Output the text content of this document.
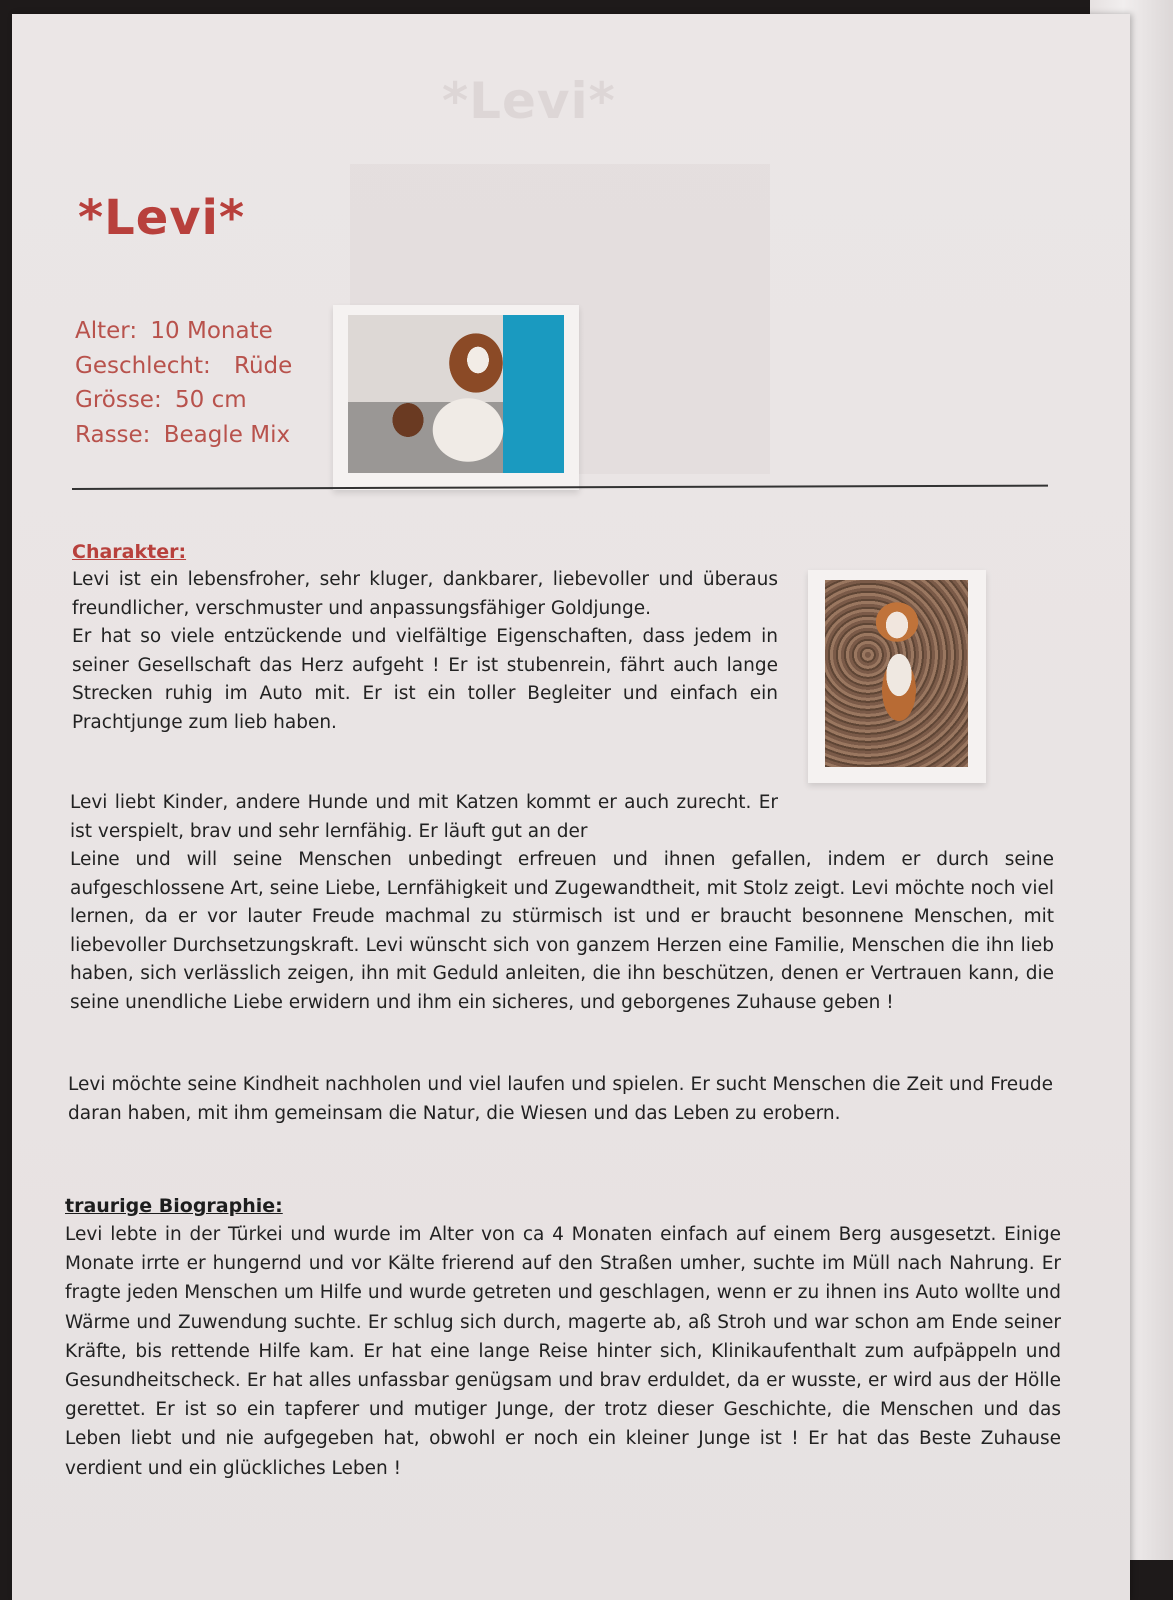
*Levi*
*Levi*
Alter: 10 Monate
Geschlecht: Rüde
Grösse: 50 cm
Rasse: Beagle Mix
Charakter:

Levi ist ein lebensfroher, sehr kluger, dankbarer, liebevoller und überaus freundlicher, verschmuster und anpassungsfähiger Goldjunge.

Er hat so viele entzückende und vielfältige Eigenschaften, dass jedem in seiner Gesellschaft das Herz aufgeht ! Er ist stubenrein, fährt auch lange Strecken ruhig im Auto mit. Er ist ein toller Begleiter und einfach ein Prachtjunge zum lieb haben.

Levi liebt Kinder, andere Hunde und mit Katzen kommt er auch zurecht. Er ist verspielt, brav und sehr lernfähig. Er läuft gut an der

Leine und will seine Menschen unbedingt erfreuen und ihnen gefallen, indem er durch seine aufgeschlossene Art, seine Liebe, Lernfähigkeit und Zugewandtheit, mit Stolz zeigt. Levi möchte noch viel lernen, da er vor lauter Freude machmal zu stürmisch ist und er braucht besonnene Menschen, mit liebevoller Durchsetzungskraft. Levi wünscht sich von ganzem Herzen eine Familie, Menschen die ihn lieb haben, sich verlässlich zeigen, ihn mit Geduld anleiten, die ihn beschützen, denen er Vertrauen kann, die seine unendliche Liebe erwidern und ihm ein sicheres, und geborgenes Zuhause geben !

Levi möchte seine Kindheit nachholen und viel laufen und spielen. Er sucht Menschen die Zeit und Freude daran haben, mit ihm gemeinsam die Natur, die Wiesen und das Leben zu erobern.

traurige Biographie:

Levi lebte in der Türkei und wurde im Alter von ca 4 Monaten einfach auf einem Berg ausgesetzt. Einige Monate irrte er hungernd und vor Kälte frierend auf den Straßen umher, suchte im Müll nach Nahrung. Er fragte jeden Menschen um Hilfe und wurde getreten und geschlagen, wenn er zu ihnen ins Auto wollte und Wärme und Zuwendung suchte. Er schlug sich durch, magerte ab, aß Stroh und war schon am Ende seiner Kräfte, bis rettende Hilfe kam. Er hat eine lange Reise hinter sich, Klinikaufenthalt zum aufpäppeln und Gesundheitscheck. Er hat alles unfassbar genügsam und brav erduldet, da er wusste, er wird aus der Hölle gerettet. Er ist so ein tapferer und mutiger Junge, der trotz dieser Geschichte, die Menschen und das Leben liebt und nie aufgegeben hat, obwohl er noch ein kleiner Junge ist ! Er hat das Beste Zuhause verdient und ein glückliches Leben !
